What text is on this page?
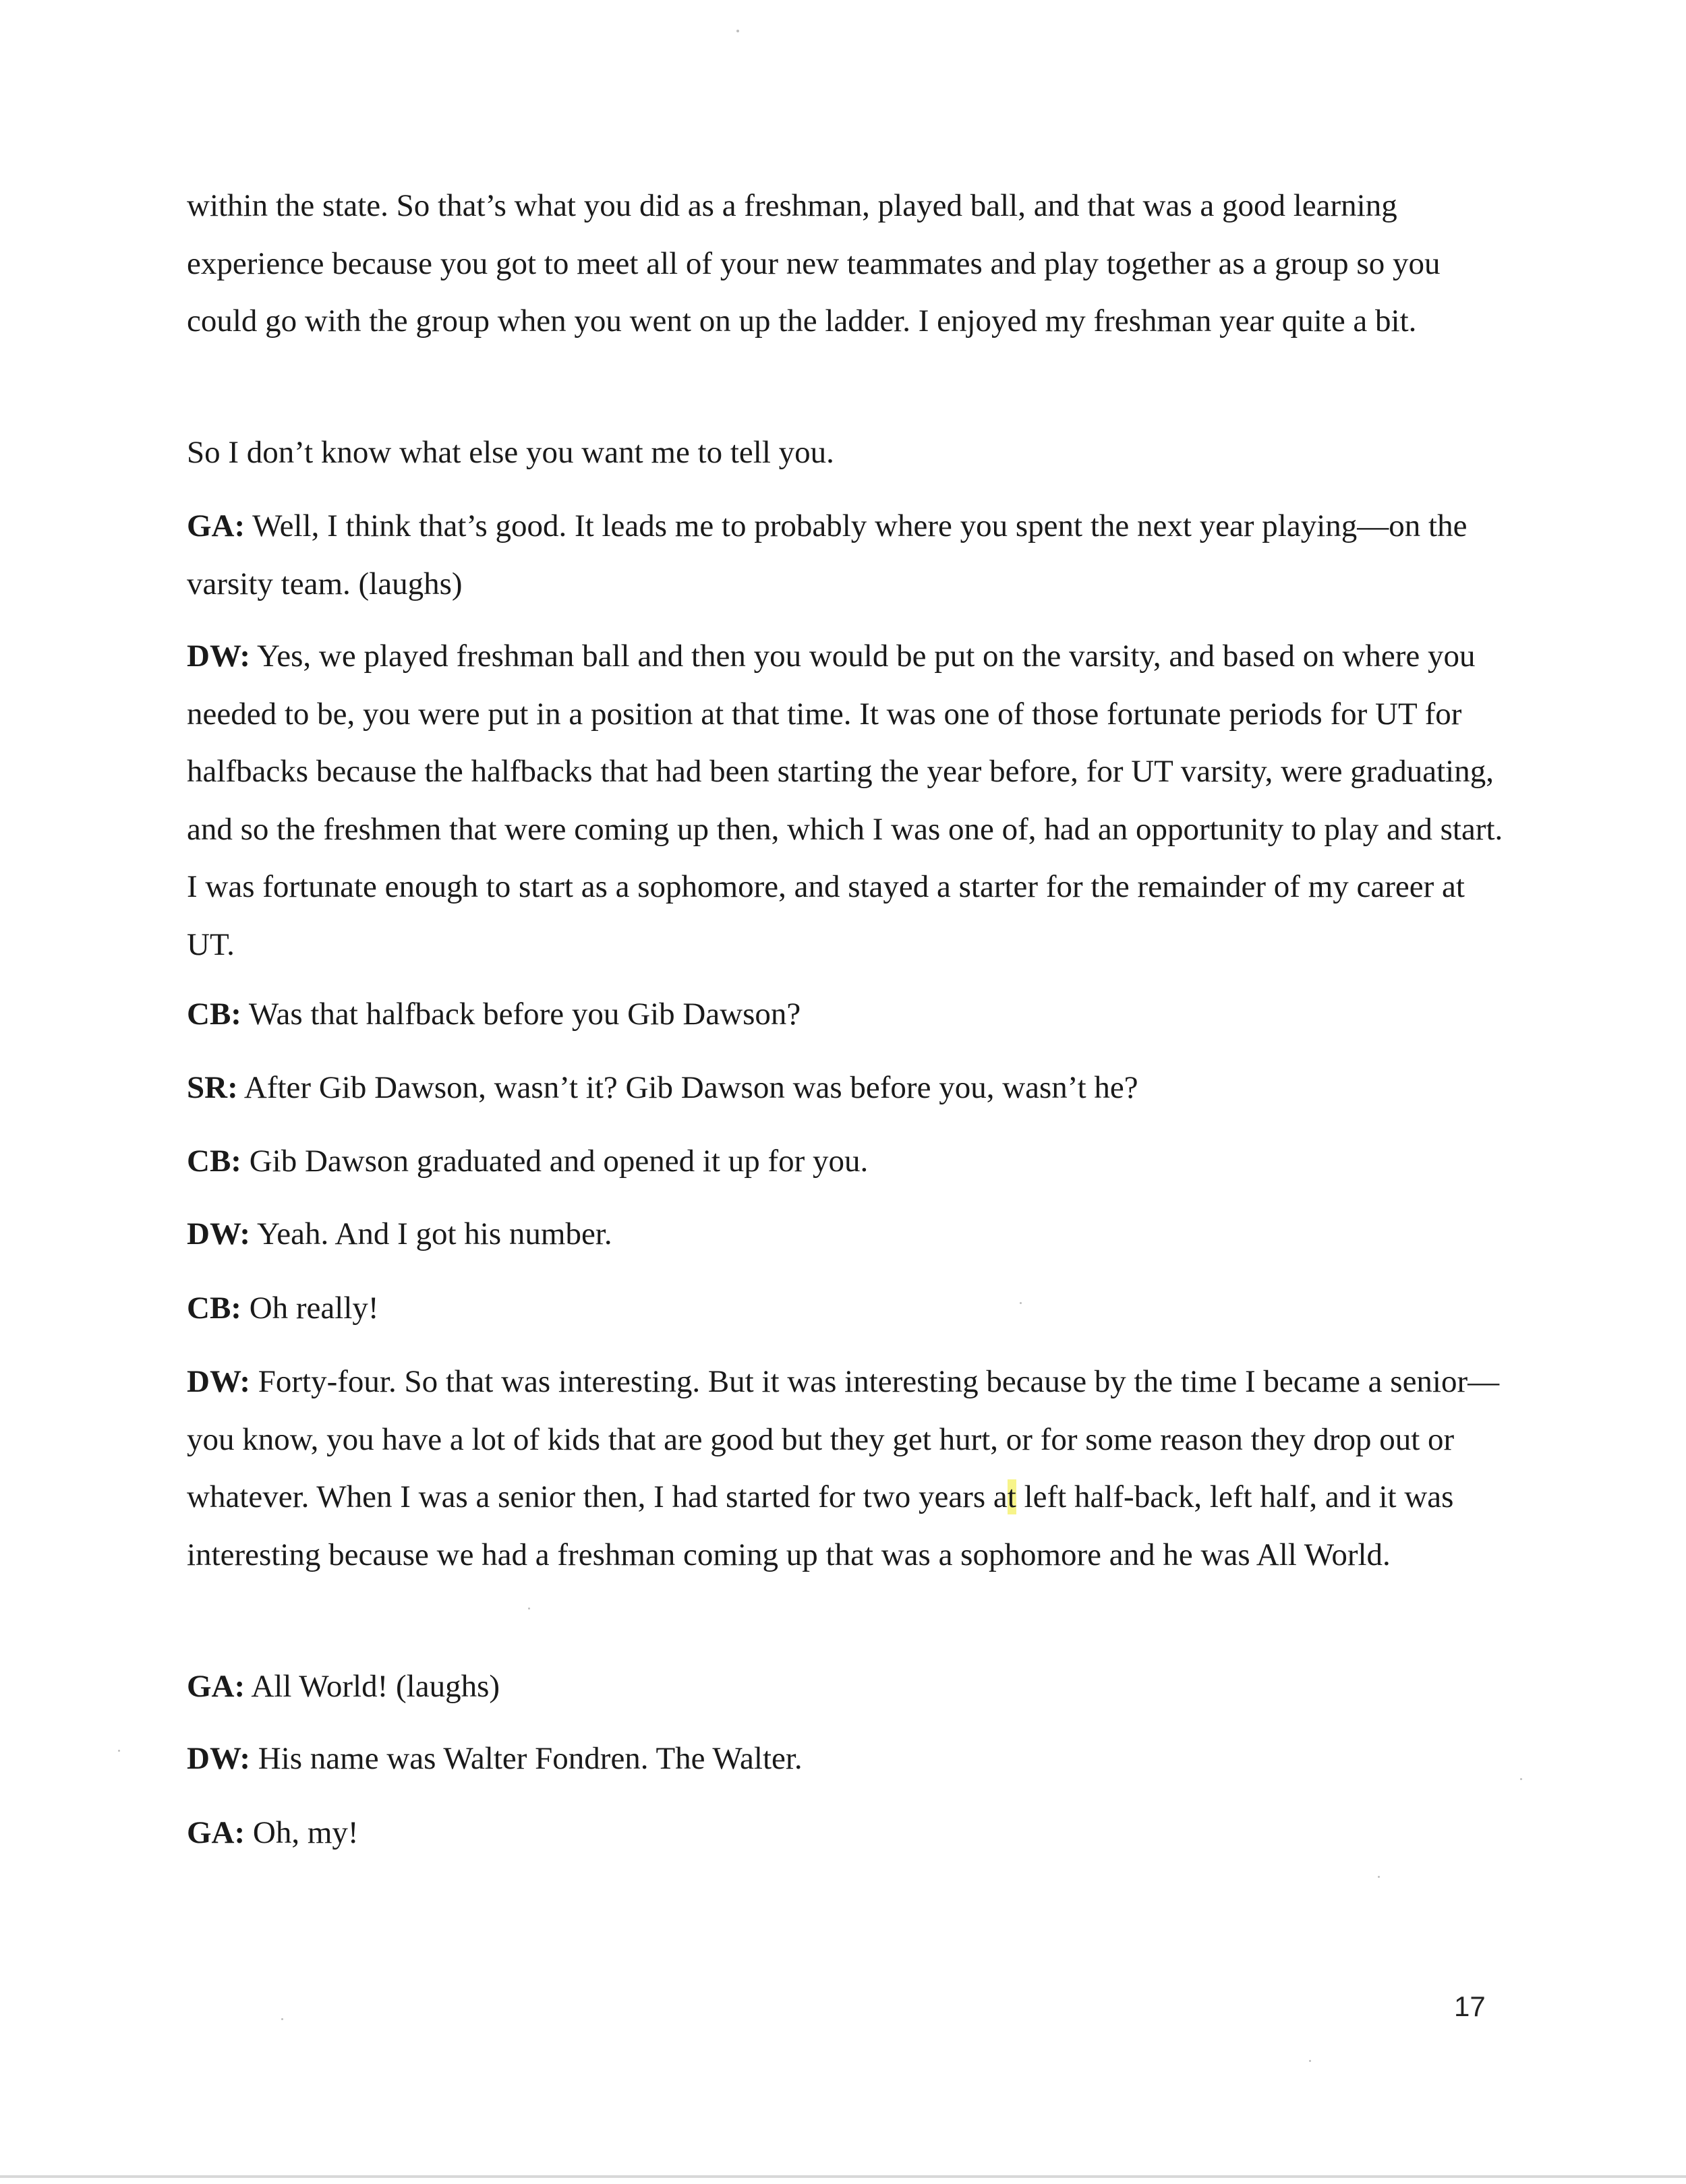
within the state. So that’s what you did as a freshman, played ball, and that was a good learning experience because you got to meet all of your new teammates and play together as a group so you could go with the group when you went on up the ladder. I enjoyed my freshman year quite a bit.

So I don’t know what else you want me to tell you.

GA: Well, I think that’s good. It leads me to probably where you spent the next year playing—on the varsity team. (laughs)

DW: Yes, we played freshman ball and then you would be put on the varsity, and based on where you needed to be, you were put in a position at that time. It was one of those fortunate periods for UT for halfbacks because the halfbacks that had been starting the year before, for UT varsity, were graduating, and so the freshmen that were coming up then, which I was one of, had an opportunity to play and start. I was fortunate enough to start as a sophomore, and stayed a starter for the remainder of my career at UT.

CB: Was that halfback before you Gib Dawson?

SR: After Gib Dawson, wasn’t it? Gib Dawson was before you, wasn’t he?

CB: Gib Dawson graduated and opened it up for you.

DW: Yeah. And I got his number.

CB: Oh really!

DW: Forty-four. So that was interesting. But it was interesting because by the time I became a senior—you know, you have a lot of kids that are good but they get hurt, or for some reason they drop out or whatever. When I was a senior then, I had started for two years at left half-back, left half, and it was interesting because we had a freshman coming up that was a sophomore and he was All World.

GA: All World! (laughs)

DW: His name was Walter Fondren. The Walter.

GA: Oh, my!

17
